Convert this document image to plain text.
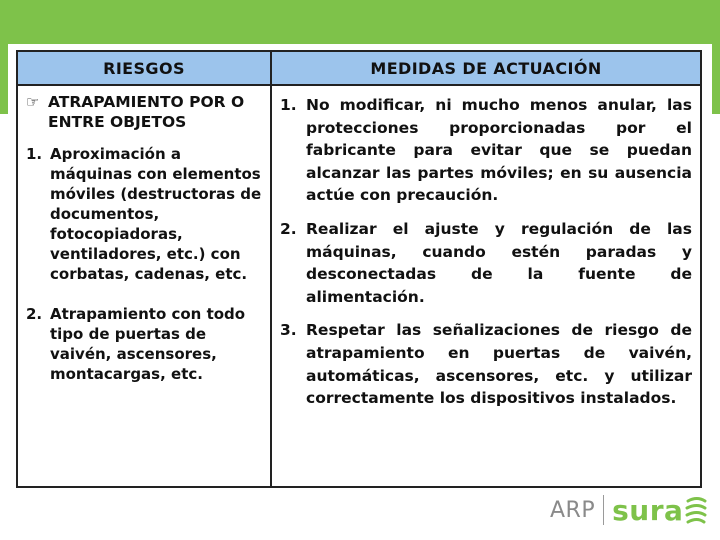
RIESGOS	MEDIDAS DE ACTUACIÓN
☞ ATRAPAMIENTO POR O ENTRE OBJETOS
1. Aproximación a máquinas con elementos móviles (destructoras de documentos, fotocopiadoras, ventiladores, etc.) con corbatas, cadenas, etc.
2. Atrapamiento con todo tipo de puertas de vaivén, ascensores, montacargas, etc.
1. No modificar, ni mucho menos anular, las protecciones proporcionadas por el fabricante para evitar que se puedan alcanzar las partes móviles; en su ausencia actúe con precaución.
2. Realizar el ajuste y regulación de las máquinas, cuando estén paradas y desconectadas de la fuente de alimentación.
3. Respetar las señalizaciones de riesgo de atrapamiento en puertas de vaivén, automáticas, ascensores, etc. y utilizar correctamente los dispositivos instalados.
ARP sura
